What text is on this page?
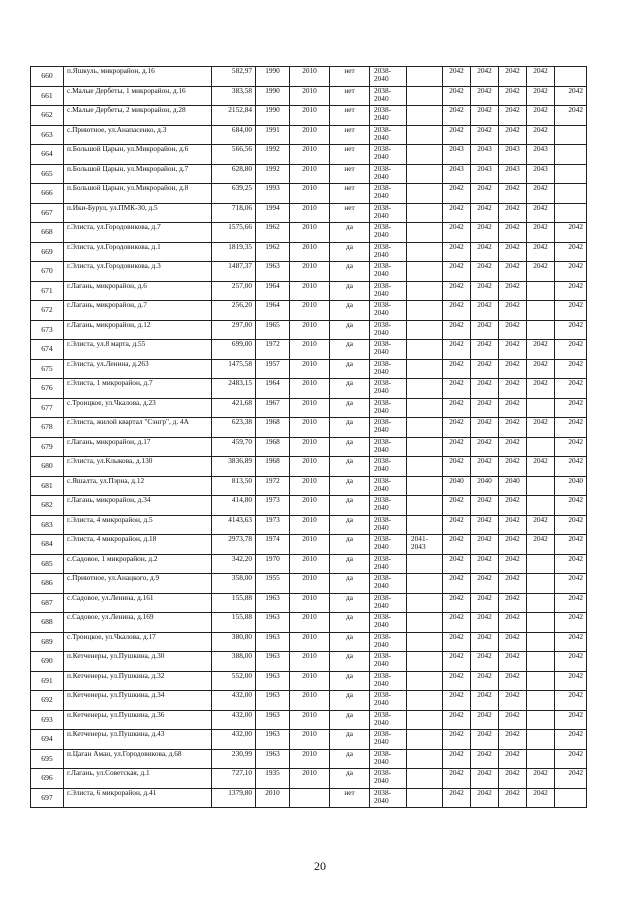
660	п.Яшкуль, микрорайон, д.16	582,97	1990	2010	нет	2038-2040		2042	2042	2042	2042	
661	с.Малые Дербеты, 1 микрорайон, д.16	383,58	1990	2010	нет	2038-2040		2042	2042	2042	2042	2042
662	с.Малые Дербеты, 2 микрорайон, д.28	2152,84	1990	2010	нет	2038-2040		2042	2042	2042	2042	2042
663	с.Приютное, ул.Анапасенко, д.3	684,00	1991	2010	нет	2038-2040		2042	2042	2042	2042	
664	п.Большой Царын, ул.Микрорайон, д.6	566,56	1992	2010	нет	2038-2040		2043	2043	2043	2043	
665	п.Большой Царын, ул.Микрорайон, д.7	628,80	1992	2010	нет	2038-2040		2043	2043	2043	2043	
666	п.Большой Царын, ул.Микрорайон, д.8	639,25	1993	2010	нет	2038-2040		2042	2042	2042	2042	
667	п.Ики-Бурул, ул.ПМК-30, д.5	718,06	1994	2010	нет	2038-2040		2042	2042	2042	2042	
668	г.Элиста, ул.Городовикова, д.7	1575,66	1962	2010	да	2038-2040		2042	2042	2042	2042	2042
669	г.Элиста, ул.Городовикова, д.1	1819,35	1962	2010	да	2038-2040		2042	2042	2042	2042	2042
670	г.Элиста, ул.Городовикова, д.3	1487,37	1963	2010	да	2038-2040		2042	2042	2042	2042	2042
671	г.Лагань, микрорайон, д.6	257,00	1964	2010	да	2038-2040		2042	2042	2042		2042
672	г.Лагань, микрорайон, д.7	256,20	1964	2010	да	2038-2040		2042	2042	2042		2042
673	г.Лагань, микрорайон, д.12	297,00	1965	2010	да	2038-2040		2042	2042	2042		2042
674	г.Элиста, ул.8 марта, д.55	699,00	1972	2010	да	2038-2040		2042	2042	2042	2042	2042
675	г.Элиста, ул.Ленина, д.263	1475,58	1957	2010	да	2038-2040		2042	2042	2042	2042	2042
676	г.Элиста, 1 микрорайон, д.7	2483,15	1964	2010	да	2038-2040		2042	2042	2042	2042	2042
677	с.Троицкое, ул.Чкалова, д.23	421,68	1967	2010	да	2038-2040		2042	2042	2042		2042
678	г.Элиста, жилой квартал "Сэнгр", д. 4А	623,38	1968	2010	да	2038-2040		2042	2042	2042	2042	2042
679	г.Лагань, микрорайон, д.17	459,70	1968	2010	да	2038-2040		2042	2042	2042		2042
680	г.Элиста, ул.Клыкова, д.130	3836,89	1968	2010	да	2038-2040		2042	2042	2042	2042	2042
681	с.Яшалта, ул.Пэрна, д.12	813,50	1972	2010	да	2038-2040		2040	2040	2040		2040
682	г.Лагань, микрорайон, д.34	414,80	1973	2010	да	2038-2040		2042	2042	2042		2042
683	г.Элиста, 4 микрорайон, д.5	4143,63	1973	2010	да	2038-2040		2042	2042	2042	2042	2042
684	г.Элиста, 4 микрорайон, д.18	2973,78	1974	2010	да	2038-2040	2041-2043	2042	2042	2042	2042	2042
685	с.Садовое, 1 микрорайон, д.2	342,20	1970	2010	да	2038-2040		2042	2042	2042		2042
686	с.Приютное, ул.Анацкого, д.9	358,00	1955	2010	да	2038-2040		2042	2042	2042		2042
687	с.Садовое, ул.Ленина, д.161	155,88	1963	2010	да	2038-2040		2042	2042	2042		2042
688	с.Садовое, ул.Ленина, д.169	155,88	1963	2010	да	2038-2040		2042	2042	2042		2042
689	с.Троицкое, ул.Чкалова, д.17	380,80	1963	2010	да	2038-2040		2042	2042	2042		2042
690	п.Кетченеры, ул.Пушкина, д.30	388,00	1963	2010	да	2038-2040		2042	2042	2042		2042
691	п.Кетченеры, ул.Пушкина, д.32	552,00	1963	2010	да	2038-2040		2042	2042	2042		2042
692	п.Кетченеры, ул.Пушкина, д.34	432,00	1963	2010	да	2038-2040		2042	2042	2042		2042
693	п.Кетченеры, ул.Пушкина, д.36	432,00	1963	2010	да	2038-2040		2042	2042	2042		2042
694	п.Кетченеры, ул.Пушкина, д.43	432,00	1963	2010	да	2038-2040		2042	2042	2042		2042
695	п.Цаган Аман, ул.Городовикова, д.68	230,99	1963	2010	да	2038-2040		2042	2042	2042		2042
696	г.Лагань, ул.Советская, д.1	727,10	1935	2010	да	2038-2040		2042	2042	2042	2042	2042
697	г.Элиста, 6 микрорайон, д.41	1379,80	2010		нет	2038-2040		2042	2042	2042	2042	
20
